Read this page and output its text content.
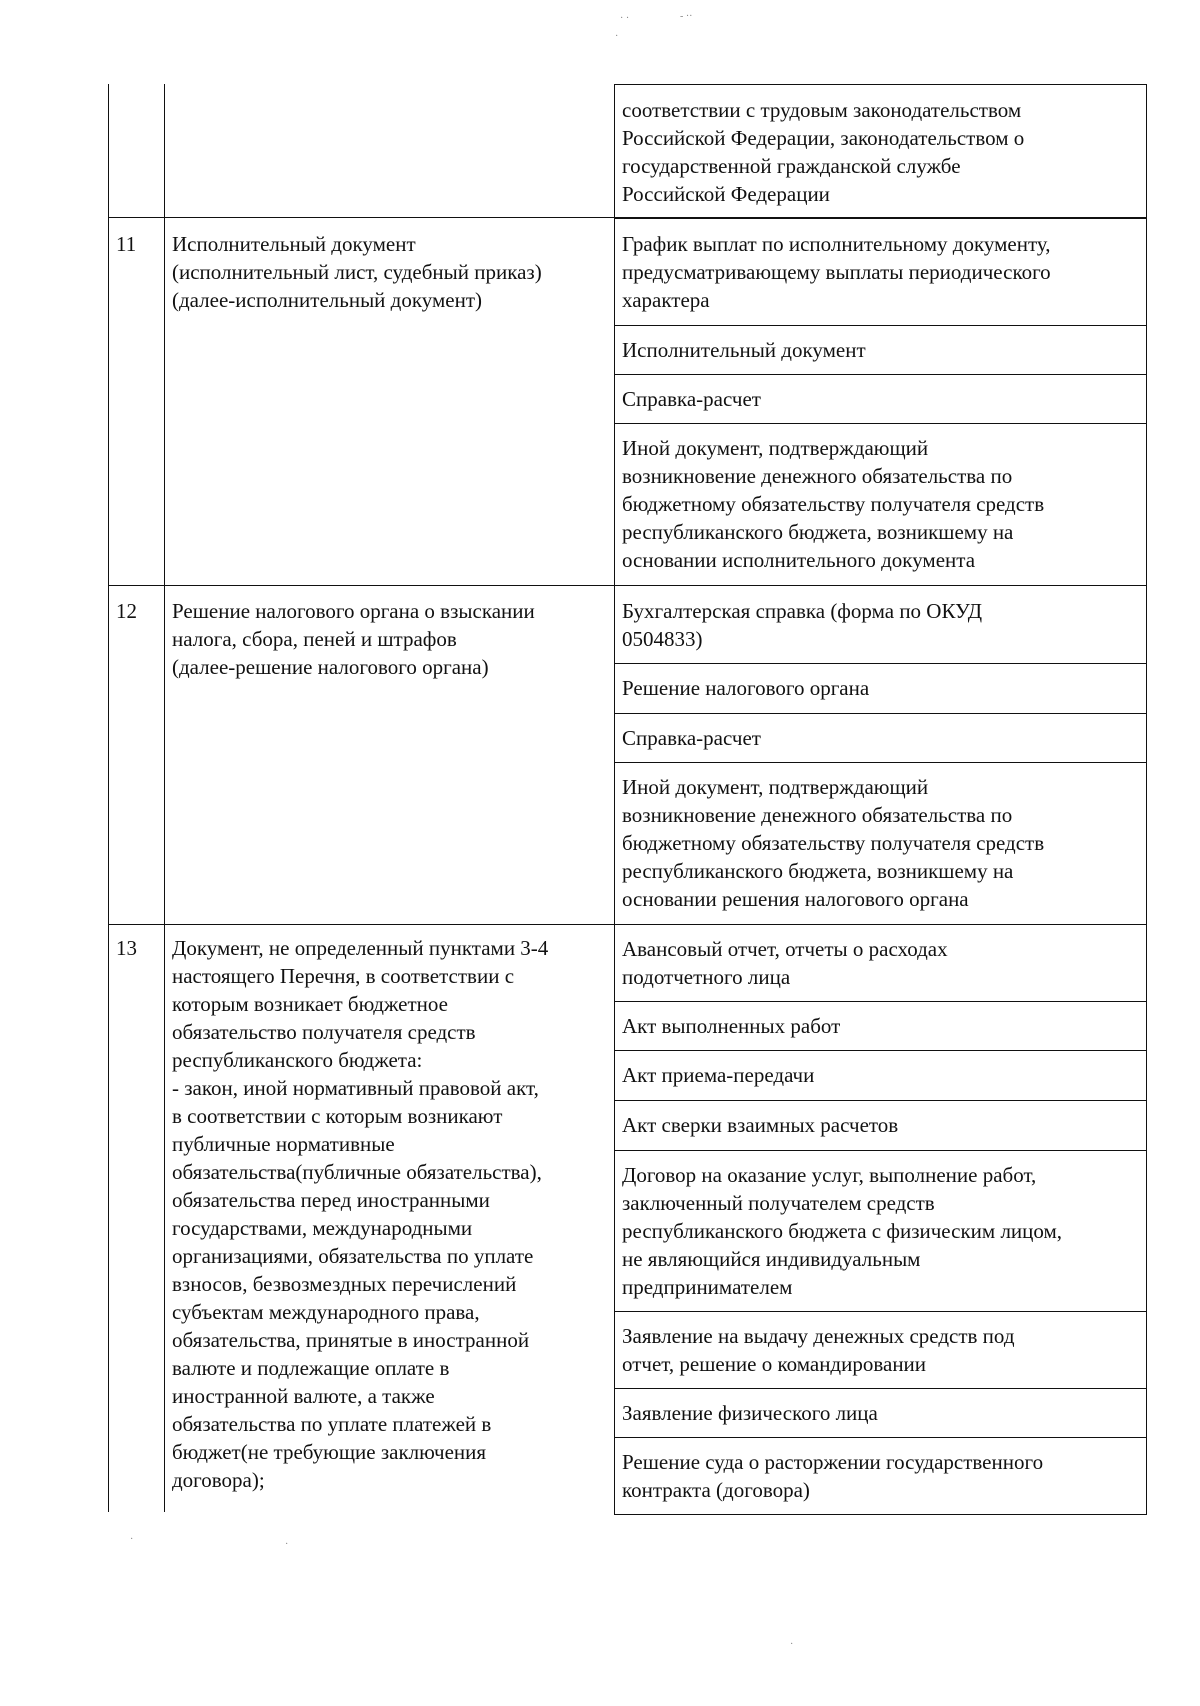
· ·	- ··
·
соответствии с трудовым законодательством
Российской Федерации, законодательством о
государственной гражданской службе
Российской Федерации
11 Исполнительный документ
(исполнительный лист, судебный приказ)
(далее-исполнительный документ)
График выплат по исполнительному документу,
предусматривающему выплаты периодического
характера
Исполнительный документ
Справка-расчет
Иной документ, подтверждающий
возникновение денежного обязательства по
бюджетному обязательству получателя средств
республиканского бюджета, возникшему на
основании исполнительного документа
12 Решение налогового органа о взыскании
налога, сбора, пеней и штрафов
(далее-решение налогового органа)
Бухгалтерская справка (форма по ОКУД
0504833)
Решение налогового органа
Справка-расчет
Иной документ, подтверждающий
возникновение денежного обязательства по
бюджетному обязательству получателя средств
республиканского бюджета, возникшему на
основании решения налогового органа
13 Документ, не определенный пунктами 3-4
настоящего Перечня, в соответствии с
которым возникает бюджетное
обязательство получателя средств
республиканского бюджета:
- закон, иной нормативный правовой акт,
в соответствии с которым возникают
публичные нормативные
обязательства(публичные обязательства),
обязательства перед иностранными
государствами, международными
организациями, обязательства по уплате
взносов, безвозмездных перечислений
субъектам международного права,
обязательства, принятые в иностранной
валюте и подлежащие оплате в
иностранной валюте, а также
обязательства по уплате платежей в
бюджет(не требующие заключения
договора);
Авансовый отчет, отчеты о расходах
подотчетного лица
Акт выполненных работ
Акт приема-передачи
Акт сверки взаимных расчетов
Договор на оказание услуг, выполнение работ,
заключенный получателем средств
республиканского бюджета с физическим лицом,
не являющийся индивидуальным
предпринимателем
Заявление на выдачу денежных средств под
отчет, решение о командировании
Заявление физического лица
Решение суда о расторжении государственного
контракта (договора)
·	·
·
